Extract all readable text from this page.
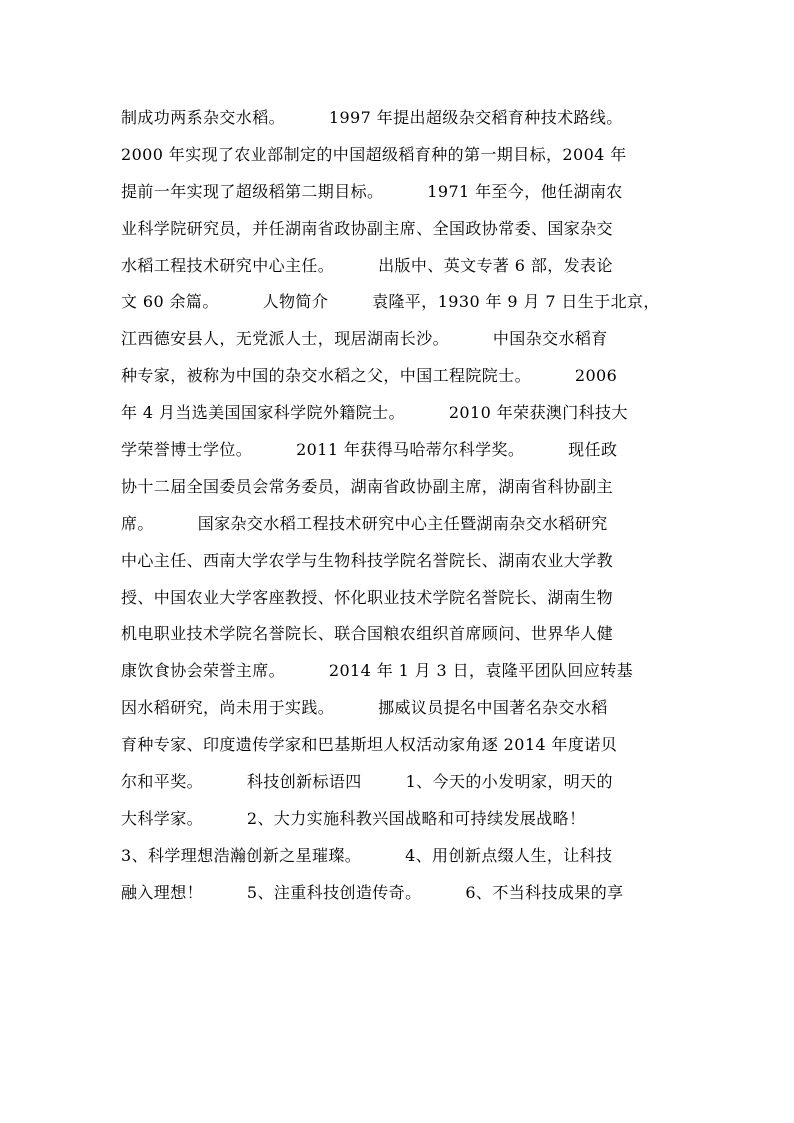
制成功两系杂交水稻。        1997 年提出超级杂交稻育种技术路线。
2000 年实现了农业部制定的中国超级稻育种的第一期目标，2004 年
提前一年实现了超级稻第二期目标。        1971 年至今，他任湖南农
业科学院研究员，并任湖南省政协副主席、全国政协常委、国家杂交
水稻工程技术研究中心主任。        出版中、英文专著 6 部，发表论
文 60 余篇。        人物简介        袁隆平，1930 年 9 月 7 日生于北京，
江西德安县人，无党派人士，现居湖南长沙。        中国杂交水稻育
种专家，被称为中国的杂交水稻之父，中国工程院院士。        2006
年 4 月当选美国国家科学院外籍院士。        2010 年荣获澳门科技大
学荣誉博士学位。        2011 年获得马哈蒂尔科学奖。        现任政
协十二届全国委员会常务委员，湖南省政协副主席，湖南省科协副主
席。        国家杂交水稻工程技术研究中心主任暨湖南杂交水稻研究
中心主任、西南大学农学与生物科技学院名誉院长、湖南农业大学教
授、中国农业大学客座教授、怀化职业技术学院名誉院长、湖南生物
机电职业技术学院名誉院长、联合国粮农组织首席顾问、世界华人健
康饮食协会荣誉主席。        2014 年 1 月 3 日，袁隆平团队回应转基
因水稻研究，尚未用于实践。        挪威议员提名中国著名杂交水稻
育种专家、印度遗传学家和巴基斯坦人权活动家角逐 2014 年度诺贝
尔和平奖。        科技创新标语四        1、今天的小发明家，明天的
大科学家。        2、大力实施科教兴国战略和可持续发展战略！
3、科学理想浩瀚创新之星璀璨。        4、用创新点缀人生，让科技
融入理想！        5、注重科技创造传奇。        6、不当科技成果的享
